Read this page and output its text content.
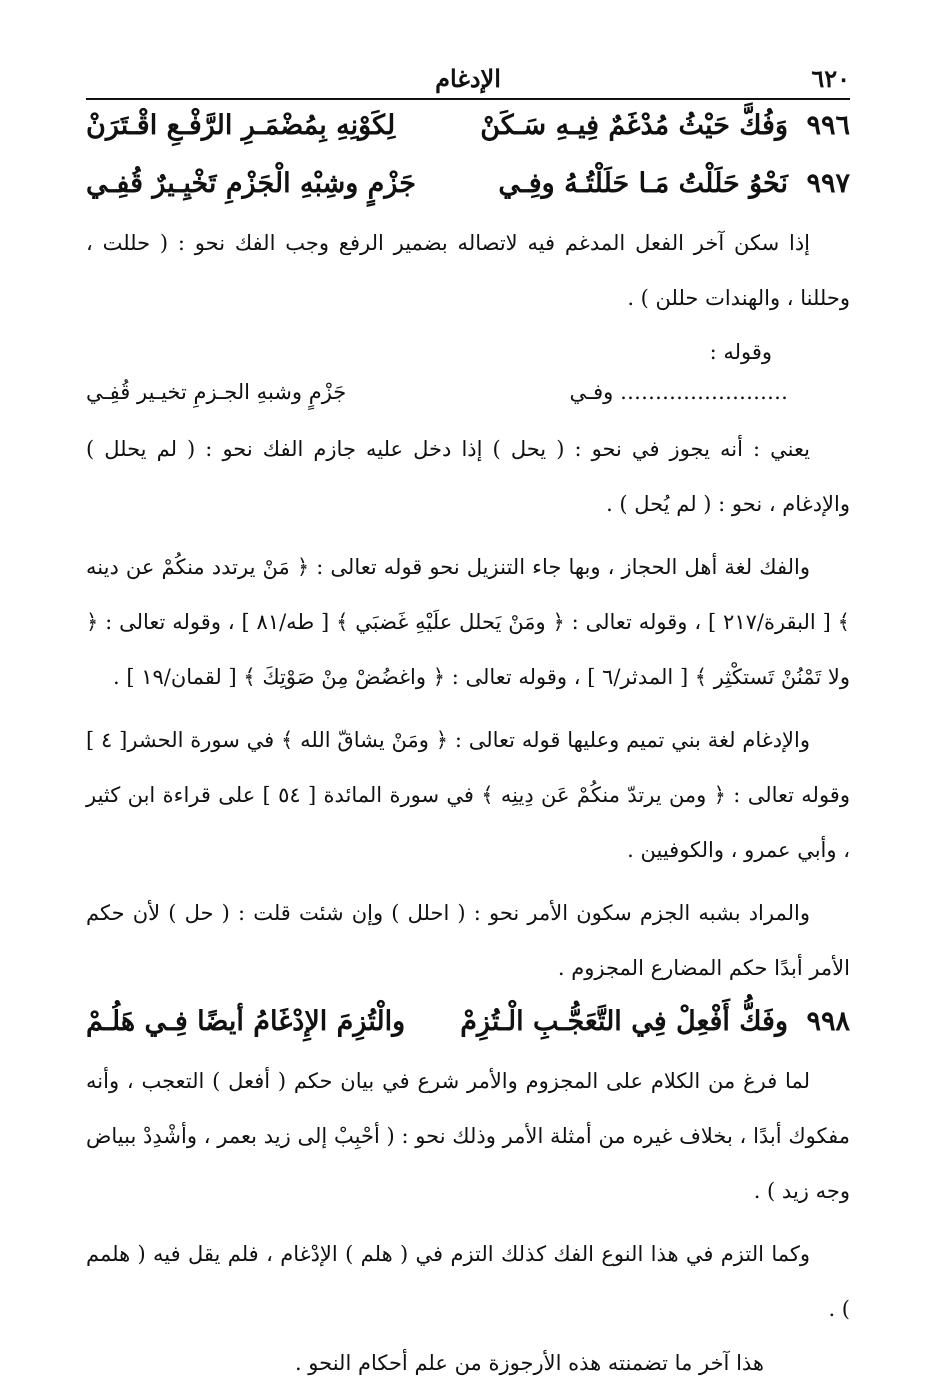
٦٢٠
الإدغام
٩٩٦
وَفُكَّ حَيْثُ مُدْغَمٌ فِيـهِ سَـكَنْ
لِكَوْنِهِ بِمُضْمَـرِ الرَّفْـعِ اقْـتَرَنْ
٩٩٧
نَحْوُ حَلَلْتُ مَـا حَلَلْتُـهُ وفِـي
جَزْمٍ وشِبْهِ الْجَزْمِ تَخْيِـيرٌ قُفِـي

إذا سكن آخر الفعل المدغم فيه لاتصاله بضمير الرفع وجب الفك نحو : ( حللت ، وحللنا ، والهندات حللن ) .

وقوله :
…………………… وفـي
جَزْمٍ وشبهِ الجـزمِ تخيـير قُفِـي

يعني : أنه يجوز في نحو : ( يحل ) إذا دخل عليه جازم الفك نحو : ( لم يحلل ) والإدغام ، نحو : ( لم يُحل ) .

والفك لغة أهل الحجاز ، وبها جاء التنزيل نحو قوله تعالى : ﴿ مَنْ يرتدد منكُمْ عن دينه ﴾ [ البقرة/٢١٧ ] ، وقوله تعالى : ﴿ ومَنْ يَحلل علَيْهِ غَضبَي ﴾ [ طه/٨١ ] ، وقوله تعالى : ﴿ ولا تَمْنُنْ تَستكْثِر ﴾ [ المدثر/٦ ] ، وقوله تعالى : ﴿ واغضُضْ مِنْ صَوْتِكَ ﴾ [ لقمان/١٩ ] .

والإدغام لغة بني تميم وعليها قوله تعالى : ﴿ ومَنْ يشاقّ الله ﴾ في سورة الحشر[ ٤ ] وقوله تعالى : ﴿ ومن يرتدّ منكُمْ عَن دِينِه ﴾ في سورة المائدة [ ٥٤ ] على قراءة ابن كثير ، وأبي عمرو ، والكوفيين .

والمراد بشبه الجزم سكون الأمر نحو : ( احلل ) وإن شئت قلت : ( حل ) لأن حكم الأمر أبدًا حكم المضارع المجزوم .

٩٩٨
وفَكُّ أَفْعِلْ فِي التَّعَجُّـبِ الْـتُزِمْ
والْتُزِمَ الإِدْغَامُ أيضًا فِـي هَلُـمْ

لما فرغ من الكلام على المجزوم والأمر شرع في بيان حكم ( أفعل ) التعجب ، وأنه مفكوك أبدًا ، بخلاف غيره من أمثلة الأمر وذلك نحو : ( أحْبِبْ إلى زيد بعمر ، وأشْدِدْ ببياض وجه زيد ) .

وكما التزم في هذا النوع الفك كذلك التزم في ( هلم ) الإدْغام ، فلم يقل فيه ( هلمم ) .

هذا آخر ما تضمنته هذه الأرجوزة من علم أحكام النحو .
